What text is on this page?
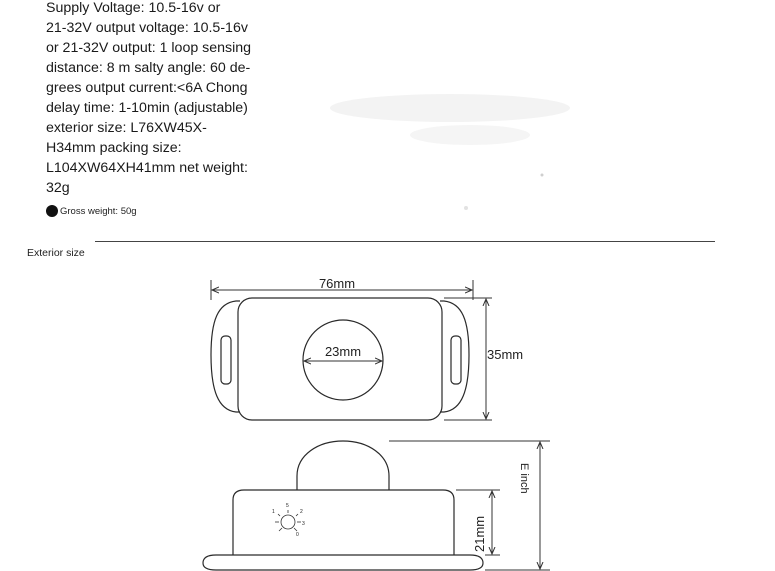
Supply Voltage: 10.5-16v or
21-32V output voltage: 10.5-16v
or 21-32V output: 1 loop sensing
distance: 8 m salty angle: 60 de-
grees output current:<6A Chong
delay time: 1-10min (adjustable)
exterior size: L76XW45X-
H34mm packing size:
L104XW64XH41mm net weight:
32g
Gross weight: 50g
Exterior size
76mm
23mm	35mm
5
1	2
3
0	21mm
E inch
